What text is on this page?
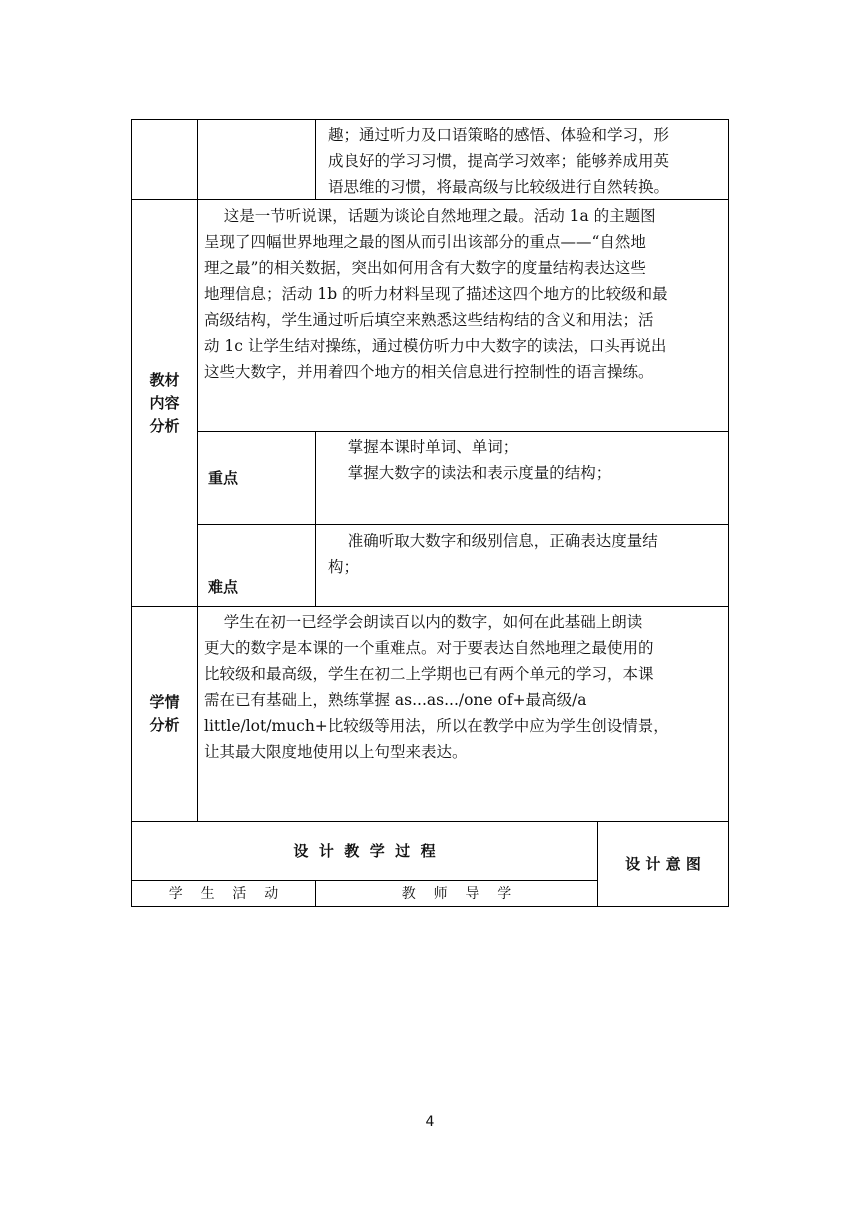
趣；通过听力及口语策略的感悟、体验和学习，形
成良好的学习习惯，提高学习效率；能够养成用英
语思维的习惯，将最高级与比较级进行自然转换。
教材
内容
分析
这是一节听说课，话题为谈论自然地理之最。活动 1a 的主题图
呈现了四幅世界地理之最的图从而引出该部分的重点——“自然地
理之最”的相关数据，突出如何用含有大数字的度量结构表达这些
地理信息；活动 1b 的听力材料呈现了描述这四个地方的比较级和最
高级结构，学生通过听后填空来熟悉这些结构结的含义和用法；活
动 1c 让学生结对操练，通过模仿听力中大数字的读法，口头再说出
这些大数字，并用着四个地方的相关信息进行控制性的语言操练。
重点
掌握本课时单词、单词；
掌握大数字的读法和表示度量的结构；
难点
准确听取大数字和级别信息，正确表达度量结
构；
学情
分析
学生在初一已经学会朗读百以内的数字，如何在此基础上朗读
更大的数字是本课的一个重难点。对于要表达自然地理之最使用的
比较级和最高级，学生在初二上学期也已有两个单元的学习，本课
需在已有基础上，熟练掌握 as...as.../one of+最高级/a
little/lot/much+比较级等用法，所以在教学中应为学生创设情景，
让其最大限度地使用以上句型来表达。
设  计  教  学  过  程
设 计 意 图
学    生    活    动	教    师    导    学
4
